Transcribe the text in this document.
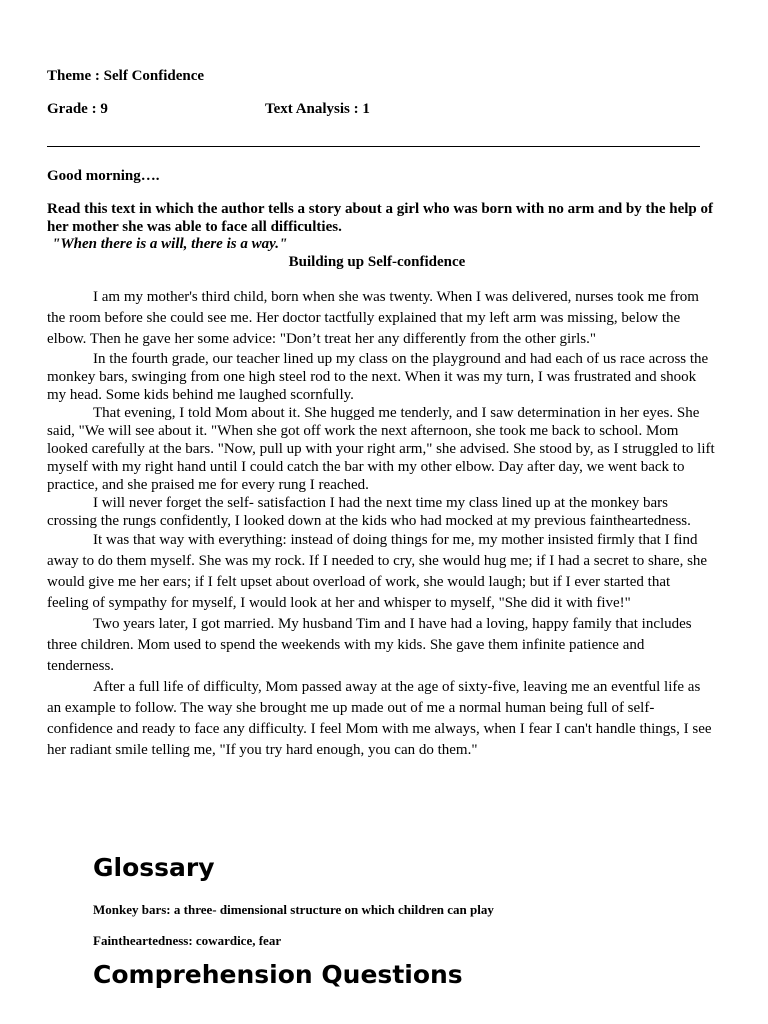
Theme : Self Confidence
Grade : 9	Text Analysis : 1
Good morning….
Read this text in which the author tells a story about a girl who was born with no arm and by the help of her mother she was able to face all difficulties.
"When there is a will, there is a way."
Building up Self-confidence

I am my mother's third child, born when she was twenty. When I was delivered, nurses took me from the room before she could see me. Her doctor tactfully explained that my left arm was missing, below the elbow. Then he gave her some advice: "Don’t treat her any differently from the other girls."

In the fourth grade, our teacher lined up my class on the playground and had each of us race across the monkey bars, swinging from one high steel rod to the next. When it was my turn, I was frustrated and shook my head. Some kids behind me laughed scornfully.

That evening, I told Mom about it. She hugged me tenderly, and I saw determination in her eyes. She said, "We will see about it. "When she got off work the next afternoon, she took me back to school. Mom looked carefully at the bars. "Now, pull up with your right arm," she advised. She stood by, as I struggled to lift myself with my right hand until I could catch the bar with my other elbow. Day after day, we went back to practice, and she praised me for every rung I reached.

I will never forget the self- satisfaction I had the next time my class lined up at the monkey bars crossing the rungs confidently, I looked down at the kids who had mocked at my previous faintheartedness.

It was that way with everything: instead of doing things for me, my mother insisted firmly that I find away to do them myself. She was my rock. If I needed to cry, she would hug me; if I had a secret to share, she would give me her ears; if I felt upset about overload of work, she would laugh; but if I ever started that feeling of sympathy for myself, I would look at her and whisper to myself, "She did it with five!"

Two years later, I got married. My husband Tim and I have had a loving, happy family that includes three children. Mom used to spend the weekends with my kids. She gave them infinite patience and tenderness.

After a full life of difficulty, Mom passed away at the age of sixty-five, leaving me an eventful life as an example to follow. The way she brought me up made out of me a normal human being full of self- confidence and ready to face any difficulty. I feel Mom with me always, when I fear I can't handle things, I see her radiant smile telling me, "If you try hard enough, you can do them."

Glossary
Monkey bars: a three- dimensional structure on which children can play
Faintheartedness: cowardice, fear
Comprehension Questions
